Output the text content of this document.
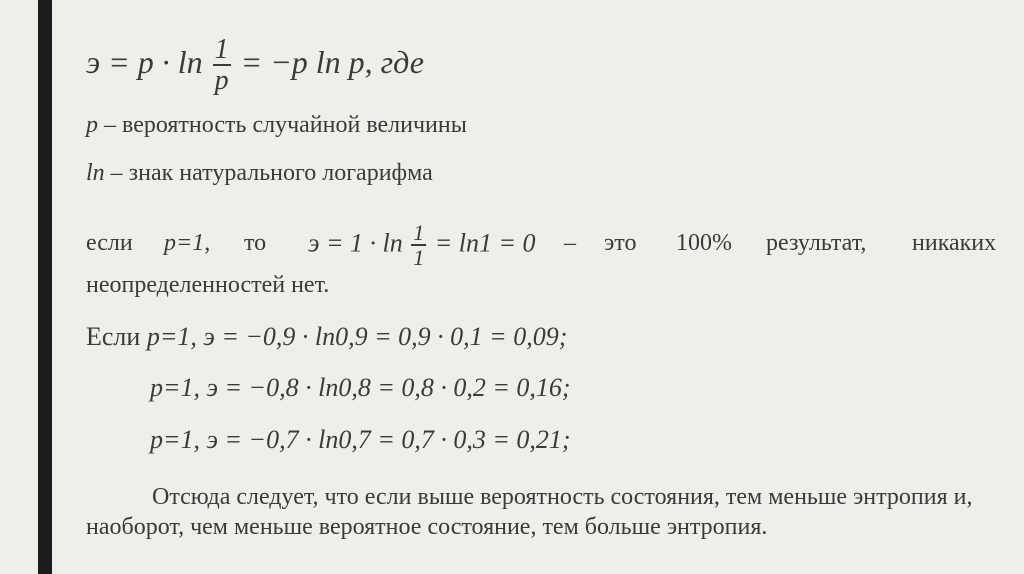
$э = p \cdot \ln \frac{1}{p} = -p$ ln p, где
p – вероятность случайной величины
ln – знак натурального логарифма
если p=1, то $э = 1 \cdot \ln \frac{1}{1} = \ln 1 = 0$ – это 100% результат, никаких
неопределенностей нет.
Если p=1, э = −0,9 · ln0,9 = 0,9 · 0,1 = 0,09;
p=1, э = −0,8 · ln0,8 = 0,8 · 0,2 = 0,16;
p=1, э = −0,7 · ln0,7 = 0,7 · 0,3 = 0,21;
Отсюда следует, что если выше вероятность состояния, тем меньше энтропия и, наоборот, чем меньше вероятное состояние, тем больше энтропия.
